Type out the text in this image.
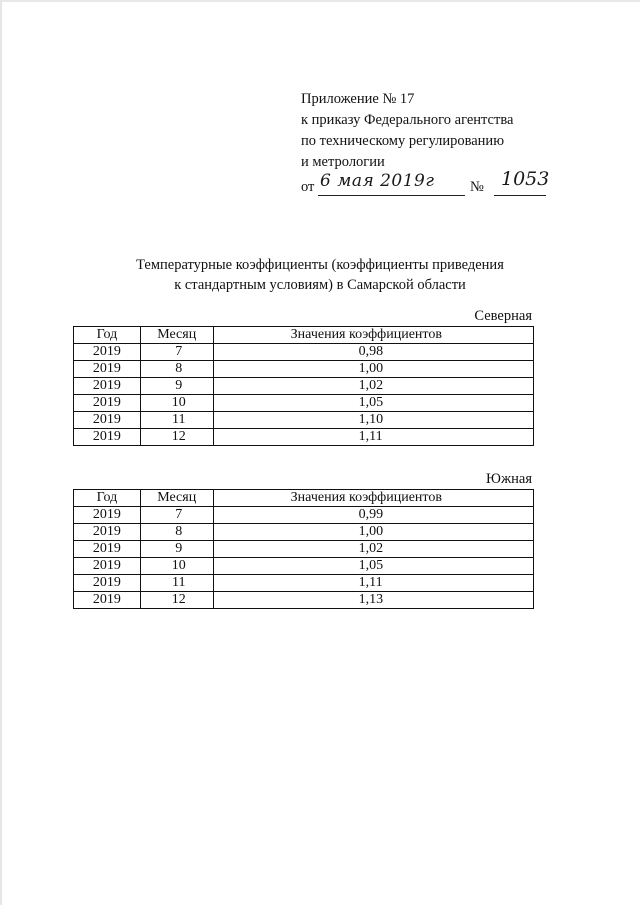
Приложение № 17
к приказу Федерального агентства
по техническому регулированию
и метрологии
от 6 мая 2019г № 1053
Температурные коэффициенты (коэффициенты приведения
к стандартным условиям) в Самарской области
Северная
Год	Месяц	Значения коэффициентов
2019	7	0,98
2019	8	1,00
2019	9	1,02
2019	10	1,05
2019	11	1,10
2019	12	1,11
Южная
Год	Месяц	Значения коэффициентов
2019	7	0,99
2019	8	1,00
2019	9	1,02
2019	10	1,05
2019	11	1,11
2019	12	1,13
